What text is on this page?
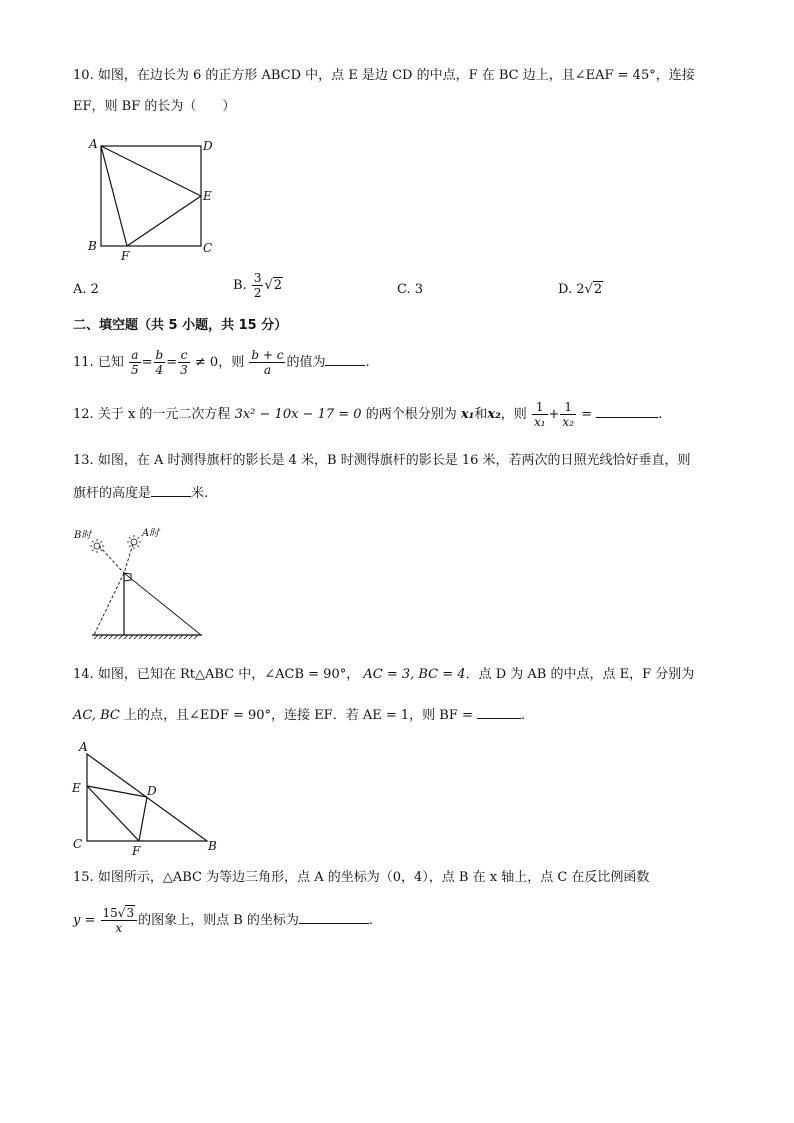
10. 如图，在边长为 6 的正方形 ABCD 中，点 E 是边 CD 的中点，F 在 BC 边上，且∠EAF = 45°，连接
EF，则 BF 的长为（　　）
A	D
E
B
F
C
A. 2	B. $\frac{3}{2} √2$	C. 3	D. 2√2
二、填空题（共 5 小题，共 15 分）
11. 已知 $\frac{a}{5} = \frac{b}{4} = \frac{c}{3} \ne 0$，则 $\frac{b + c}{a}$ 的值为	.
12. 关于 x 的一元二次方程 3x² − 10x − 17 = 0 的两个根分别为 x₁和x₂，则 $\frac{1}{\text{x₁}} + \frac{1}{\text{x₂}}$ =	.
13. 如图，在 A 时测得旗杆的影长是 4 米，B 时测得旗杆的影长是 16 米，若两次的日照光线恰好垂直，则
旗杆的高度是	米.
B时	A时
14. 如图，已知在 Rt△ABC 中，∠ACB = 90°， AC = 3, BC = 4．点 D 为 AB 的中点，点 E，F 分别为
AC, BC 上的点，且∠EDF = 90°，连接 EF．若 AE = 1，则 BF =	.
A
E	D
C	F	B
15. 如图所示，△ABC 为等边三角形，点 A 的坐标为（0，4），点 B 在 x 轴上，点 C 在反比例函数
$y = \frac{15√3}{x}$ 的图象上，则点 B 的坐标为	.
